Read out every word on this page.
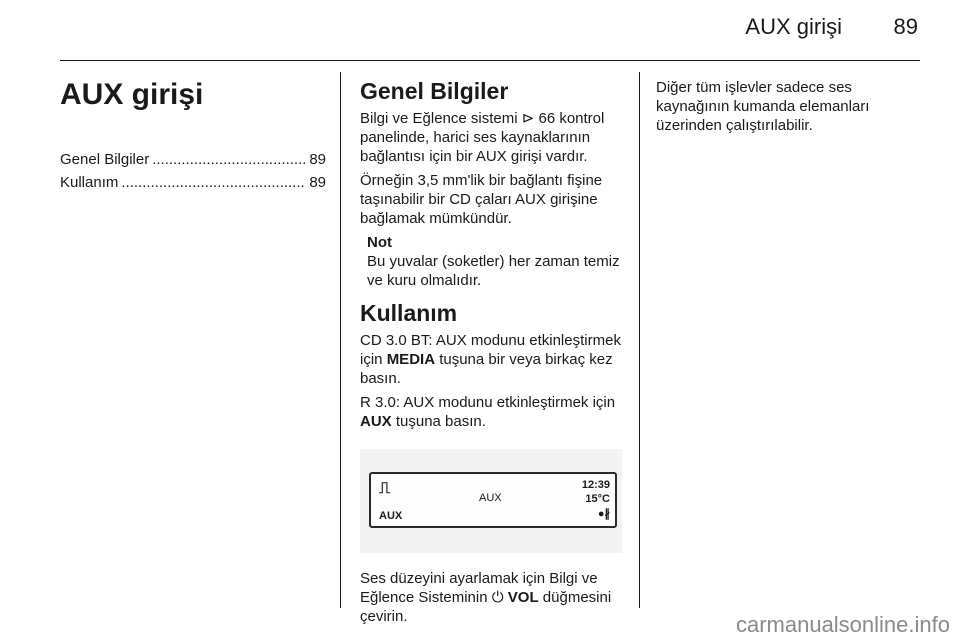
AUX girişi 89
AUX girişi
Genel Bilgiler .....	89
Kullanım .....	89
Genel Bilgiler

Bilgi ve Eğlence sistemi ⊳ 66 kontrol panelinde, harici ses kaynaklarının bağlantısı için bir AUX girişi vardır.

Örneğin 3,5 mm'lik bir bağlantı fişine taşınabilir bir CD çaları AUX girişine bağlamak mümkündür.

Not
Bu yuvalar (soketler) her zaman temiz ve kuru olmalıdır.
Kullanım

CD 3.0 BT: AUX modunu etkinleştirmek için MEDIA tuşuna bir veya birkaç kez basın.

R 3.0: AUX modunu etkinleştirmek için AUX tuşuna basın.

⎍
AUX
AUX
12:39
15°C
●∦

Ses düzeyini ayarlamak için Bilgi ve Eğlence Sisteminin ⏻ VOL düğmesini çevirin.

Diğer tüm işlevler sadece ses kaynağının kumanda elemanları üzerinden çalıştırılabilir.

carmanualsonline.info
